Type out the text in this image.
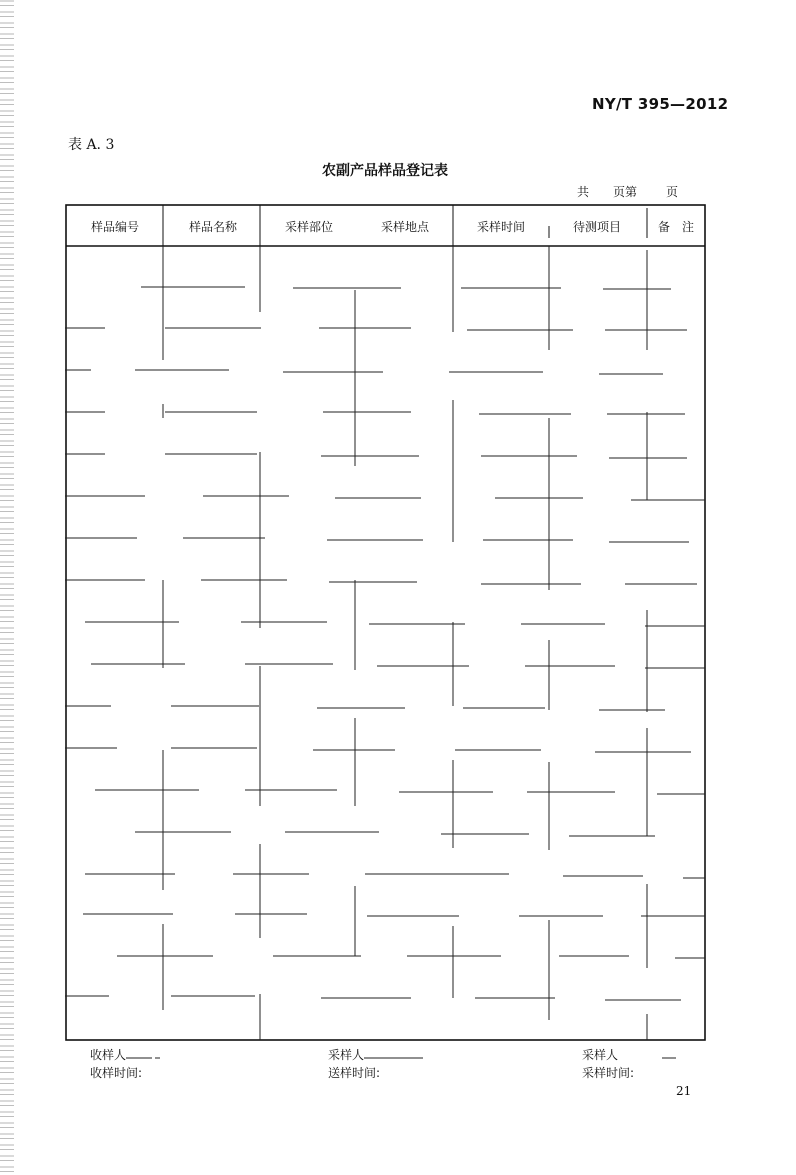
NY/T 395—2012
表 A. 3
农副产品样品登记表
共 页第 页
样品编号	样品名称	采样部位	采样地点	采样时间	待测项目	备　注
收样人
收样时间:
采样人
送样时间:
采样人
采样时间:
21
